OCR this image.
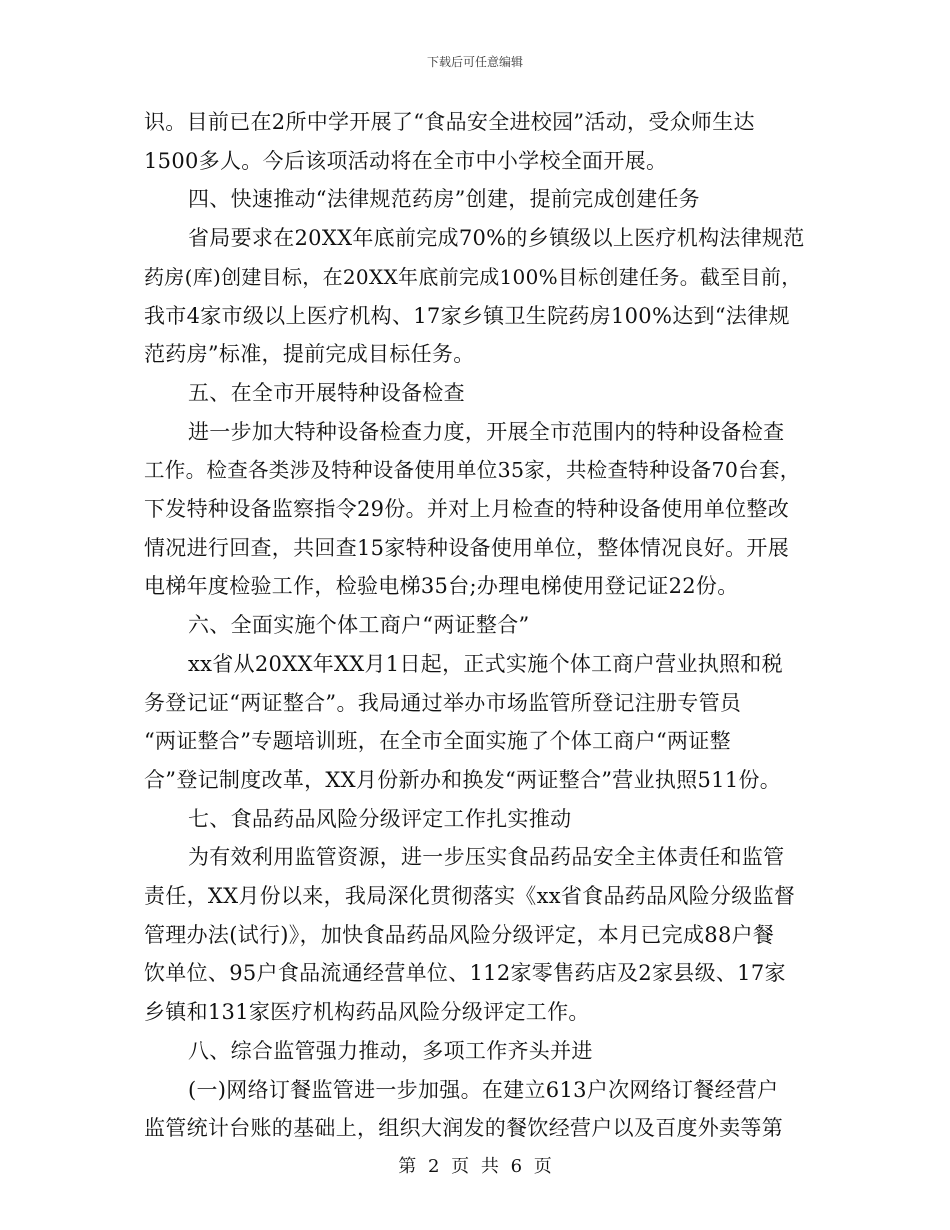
下载后可任意编辑

识。目前已在2所中学开展了“食品安全进校园”活动，受众师生达

1500多人。今后该项活动将在全市中小学校全面开展。

四、快速推动“法律规范药房”创建，提前完成创建任务

省局要求在20XX年底前完成70%的乡镇级以上医疗机构法律规范

药房(库)创建目标，在20XX年底前完成100%目标创建任务。截至目前，

我市4家市级以上医疗机构、17家乡镇卫生院药房100%达到“法律规

范药房”标准，提前完成目标任务。

五、在全市开展特种设备检查

进一步加大特种设备检查力度，开展全市范围内的特种设备检查

工作。检查各类涉及特种设备使用单位35家，共检查特种设备70台套，

下发特种设备监察指令29份。并对上月检查的特种设备使用单位整改

情况进行回查，共回查15家特种设备使用单位，整体情况良好。开展

电梯年度检验工作，检验电梯35台;办理电梯使用登记证22份。

六、全面实施个体工商户“两证整合”

xx省从20XX年XX月1日起，正式实施个体工商户营业执照和税

务登记证“两证整合”。我局通过举办市场监管所登记注册专管员

“两证整合”专题培训班，在全市全面实施了个体工商户“两证整

合”登记制度改革，XX月份新办和换发“两证整合”营业执照511份。

七、食品药品风险分级评定工作扎实推动

为有效利用监管资源，进一步压实食品药品安全主体责任和监管

责任，XX月份以来，我局深化贯彻落实《xx省食品药品风险分级监督

管理办法(试行)》，加快食品药品风险分级评定，本月已完成88户餐

饮单位、95户食品流通经营单位、112家零售药店及2家县级、17家

乡镇和131家医疗机构药品风险分级评定工作。

八、综合监管强力推动，多项工作齐头并进

(一)网络订餐监管进一步加强。在建立613户次网络订餐经营户

监管统计台账的基础上，组织大润发的餐饮经营户以及百度外卖等第

第 2 页 共 6 页
